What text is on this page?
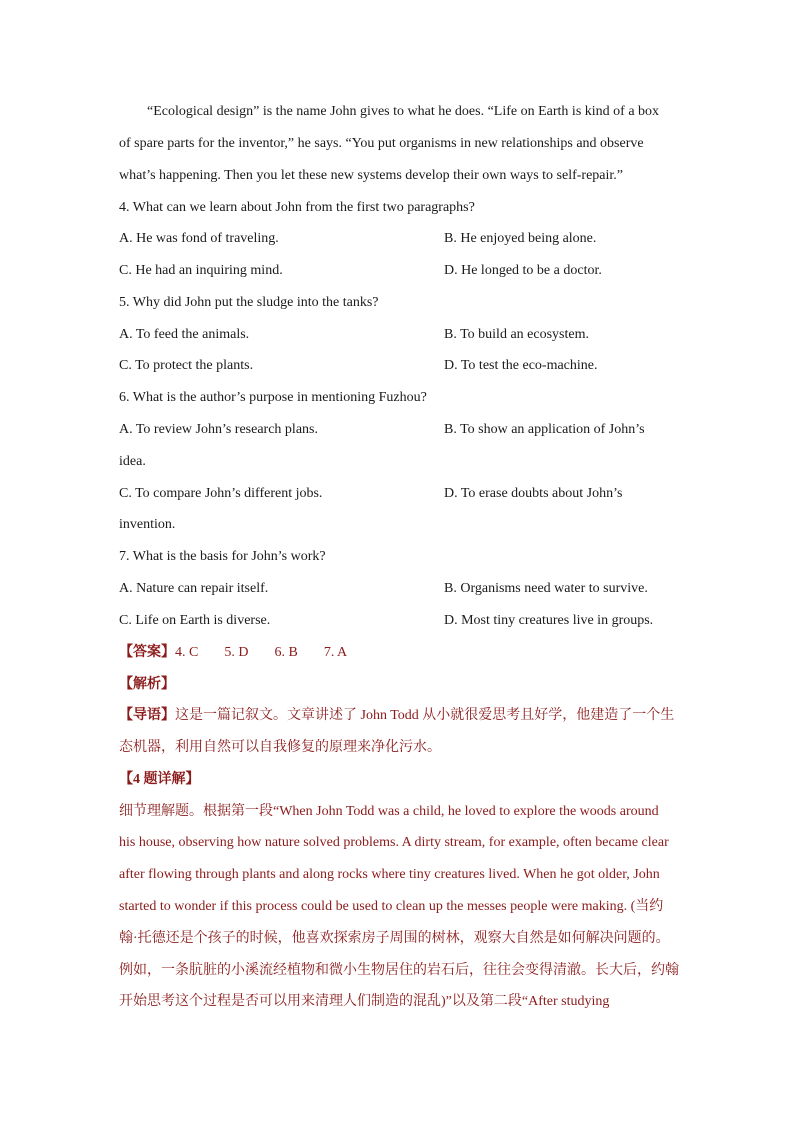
“Ecological design” is the name John gives to what he does. “Life on Earth is kind of a box
of spare parts for the inventor,” he says. “You put organisms in new relationships and observe
what’s happening. Then you let these new systems develop their own ways to self-repair.”
4. What can we learn about John from the first two paragraphs?
A. He was fond of traveling.	B. He enjoyed being alone.
C. He had an inquiring mind.	D. He longed to be a doctor.
5. Why did John put the sludge into the tanks?
A. To feed the animals.	B. To build an ecosystem.
C. To protect the plants.	D. To test the eco-machine.
6. What is the author’s purpose in mentioning Fuzhou?
A. To review John’s research plans.	B. To show an application of John’s
idea.
C. To compare John’s different jobs.	D. To erase doubts about John’s
invention.
7. What is the basis for John’s work?
A. Nature can repair itself.	B. Organisms need water to survive.
C. Life on Earth is diverse.	D. Most tiny creatures live in groups.
【答案】4. C 5. D 6. B 7. A
【解析】
【导语】这是一篇记叙文。文章讲述了 John Todd 从小就很爱思考且好学，他建造了一个生
态机器，利用自然可以自我修复的原理来净化污水。
【4 题详解】
细节理解题。根据第一段“When John Todd was a child, he loved to explore the woods around
his house, observing how nature solved problems. A dirty stream, for example, often became clear
after flowing through plants and along rocks where tiny creatures lived. When he got older, John
started to wonder if this process could be used to clean up the messes people were making. (当约
翰·托德还是个孩子的时候，他喜欢探索房子周围的树林，观察大自然是如何解决问题的。
例如，一条肮脏的小溪流经植物和微小生物居住的岩石后，往往会变得清澈。长大后，约翰
开始思考这个过程是否可以用来清理人们制造的混乱)”以及第二段“After studying
